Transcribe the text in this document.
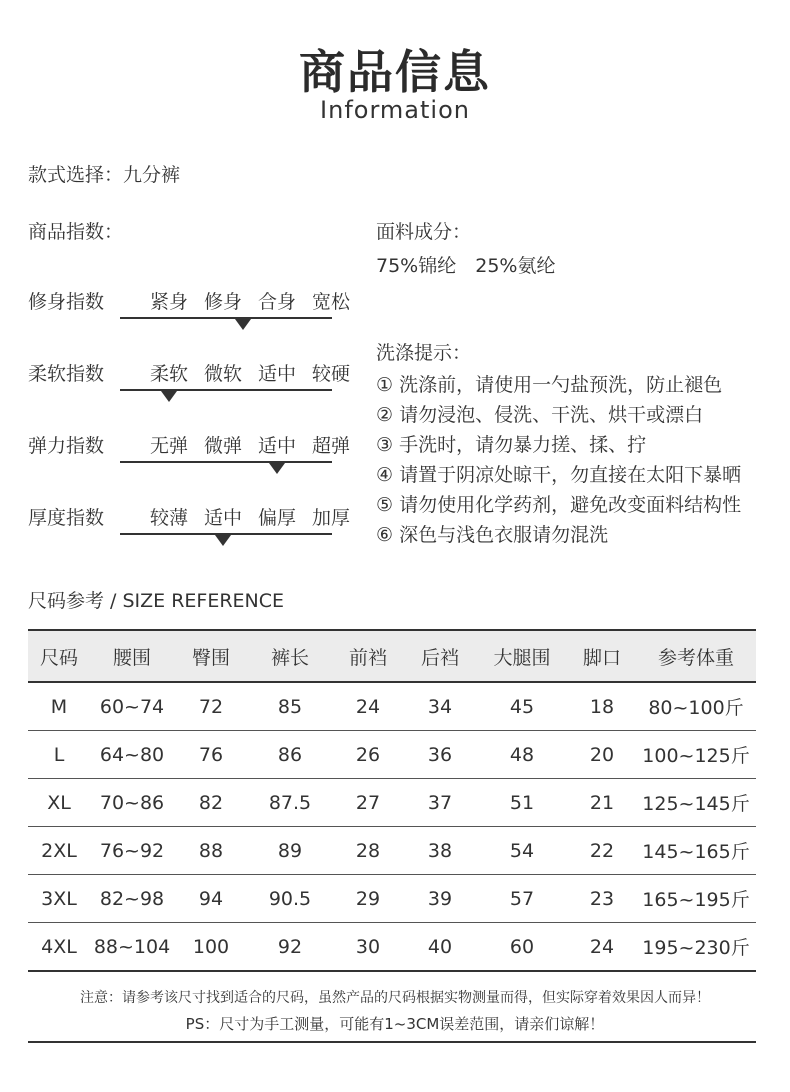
商品信息
Information
款式选择：九分裤
商品指数：
修身指数 紧身 修身 合身 宽松
柔软指数 柔软 微软 适中 较硬
弹力指数 无弹 微弹 适中 超弹
厚度指数 较薄 适中 偏厚 加厚
面料成分：
75%锦纶　25%氨纶
洗涤提示：
① 洗涤前，请使用一勺盐预洗，防止褪色
② 请勿浸泡、侵洗、干洗、烘干或漂白
③ 手洗时，请勿暴力搓、揉、拧
④ 请置于阴凉处晾干，勿直接在太阳下暴晒
⑤ 请勿使用化学药剂，避免改变面料结构性
⑥ 深色与浅色衣服请勿混洗
尺码参考 / SIZE REFERENCE
尺码	腰围	臀围	裤长	前裆	后裆	大腿围	脚口	参考体重
M	60~74	72	85	24	34	45	18	80~100斤
L	64~80	76	86	26	36	48	20	100~125斤
XL	70~86	82	87.5	27	37	51	21	125~145斤
2XL	76~92	88	89	28	38	54	22	145~165斤
3XL	82~98	94	90.5	29	39	57	23	165~195斤
4XL	88~104	100	92	30	40	60	24	195~230斤
注意：请参考该尺寸找到适合的尺码，虽然产品的尺码根据实物测量而得，但实际穿着效果因人而异！
PS：尺寸为手工测量，可能有1~3CM误差范围，请亲们谅解！
